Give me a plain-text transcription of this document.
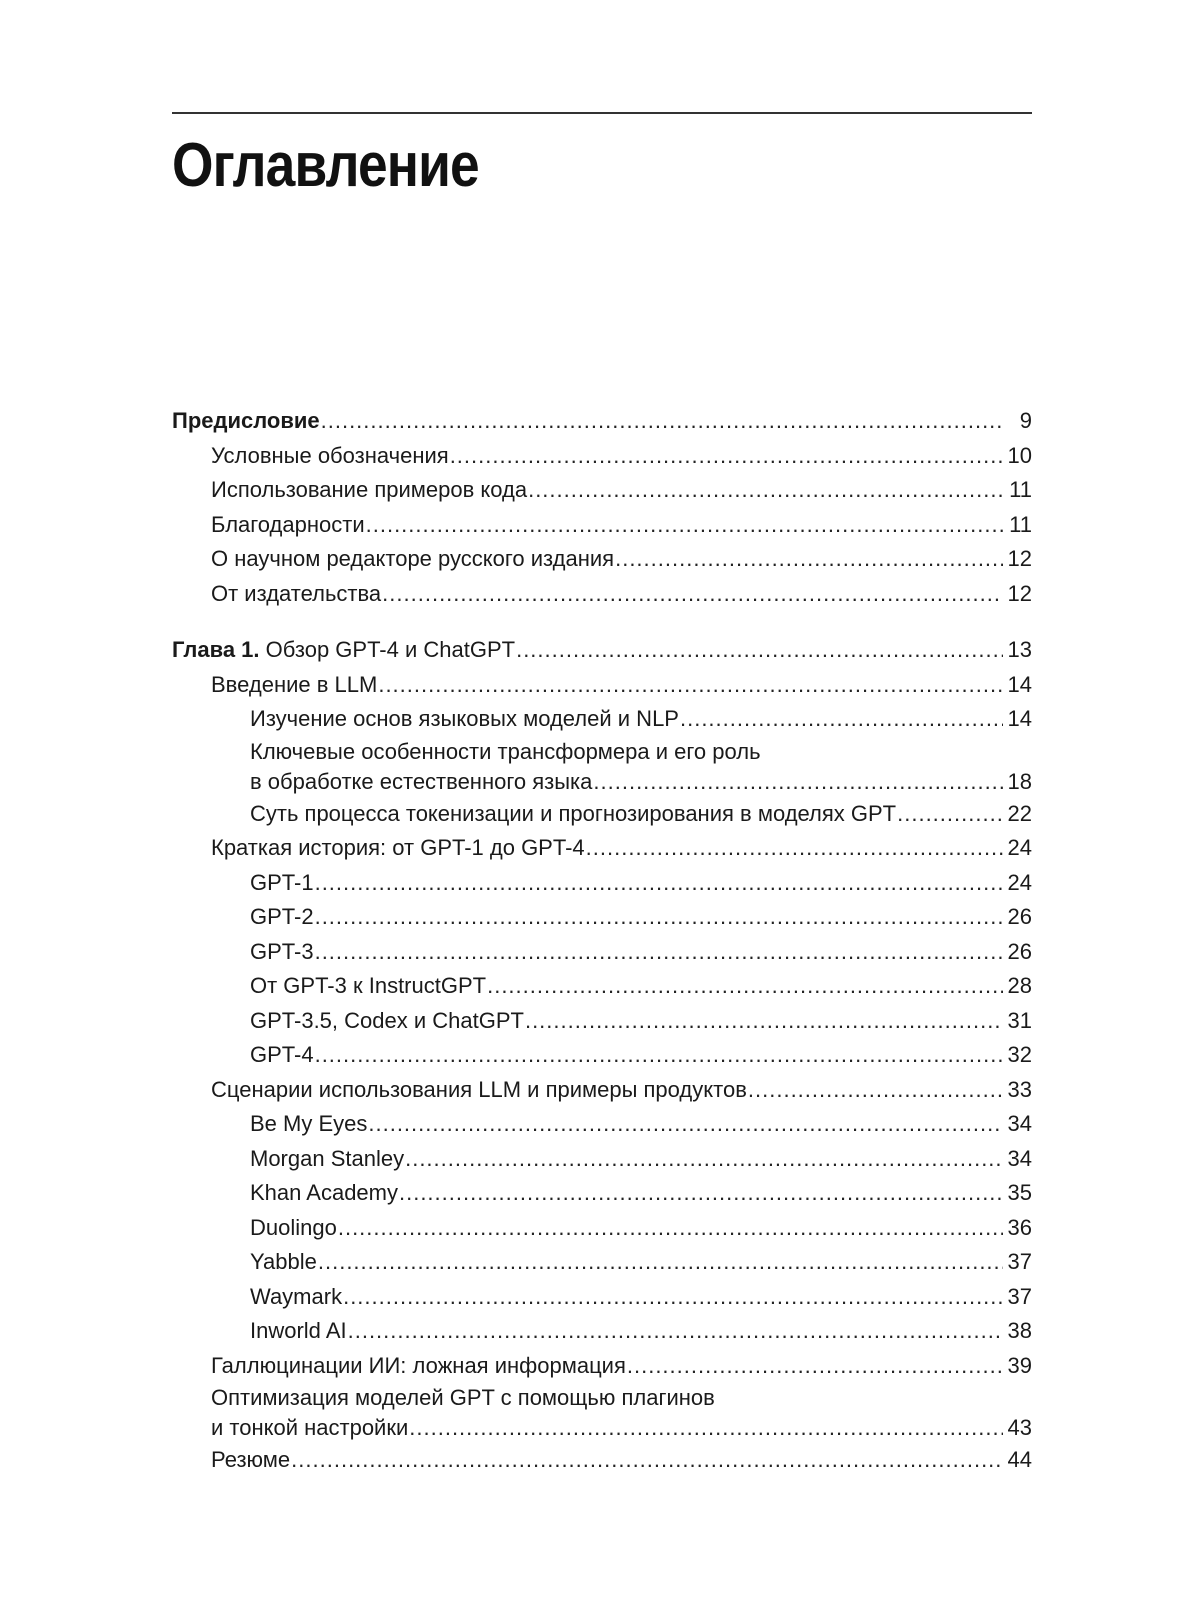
Оглавление
Предисловие .....	9
Условные обозначения .....	10
Использование примеров кода .....	11
Благодарности .....	11
О научном редакторе русского издания .....	12
От издательства .....	12
Глава 1. Обзор GPT-4 и ChatGPT .....	13
Введение в LLM .....	14
Изучение основ языковых моделей и NLP .....	14
Ключевые особенности трансформера и его роль
в обработке естественного языка .....	18
Суть процесса токенизации и прогнозирования в моделях GPT .....	22
Краткая история: от GPT-1 до GPT-4 .....	24
GPT-1 .....	24
GPT-2 .....	26
GPT-3 .....	26
От GPT-3 к InstructGPT .....	28
GPT-3.5, Codex и ChatGPT .....	31
GPT-4 .....	32
Сценарии использования LLM и примеры продуктов .....	33
Be My Eyes .....	34
Morgan Stanley .....	34
Khan Academy .....	35
Duolingo .....	36
Yabble .....	37
Waymark .....	37
Inworld AI .....	38
Галлюцинации ИИ: ложная информация .....	39
Оптимизация моделей GPT с помощью плагинов
и тонкой настройки .....	43
Резюме .....	44
